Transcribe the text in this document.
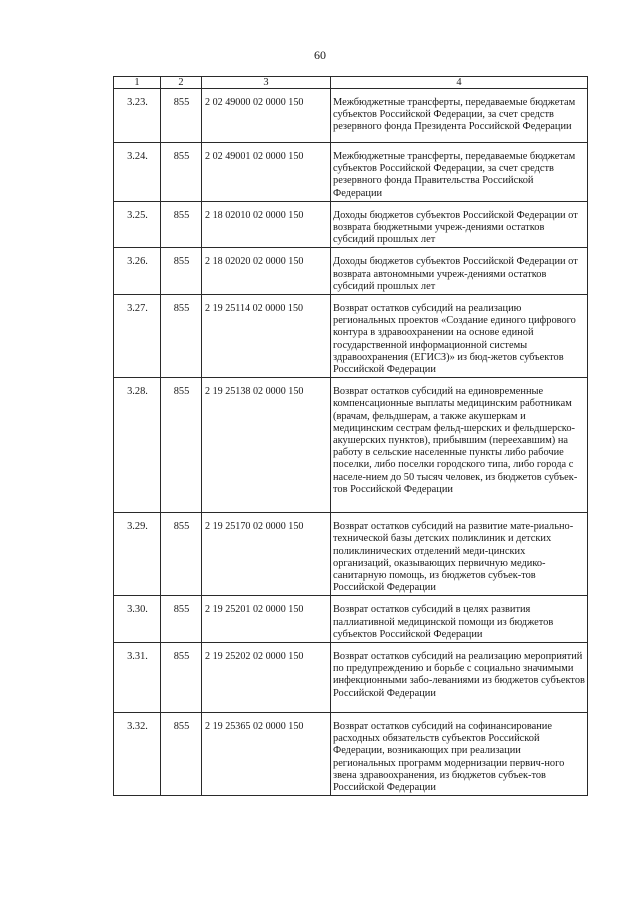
60
1	2	3	4
3.23.	855	2 02 49000 02 0000 150	Межбюджетные трансферты, передаваемые бюджетам субъектов Российской Федерации, за счет средств резервного фонда Президента Российской Федерации
3.24.	855	2 02 49001 02 0000 150	Межбюджетные трансферты, передаваемые бюджетам субъектов Российской Федерации, за счет средств резервного фонда Правительства Российской Федерации
3.25.	855	2 18 02010 02 0000 150	Доходы бюджетов субъектов Российской Федерации от возврата бюджетными учреж-дениями остатков субсидий прошлых лет
3.26.	855	2 18 02020 02 0000 150	Доходы бюджетов субъектов Российской Федерации от возврата автономными учреж-дениями остатков субсидий прошлых лет
3.27.	855	2 19 25114 02 0000 150	Возврат остатков субсидий на реализацию региональных проектов «Создание единого цифрового контура в здравоохранении на основе единой государственной информационной системы здравоохранения (ЕГИСЗ)» из бюд-жетов субъектов Российской Федерации
3.28.	855	2 19 25138 02 0000 150	Возврат остатков субсидий на единовременные компенсационные выплаты медицинским работникам (врачам, фельдшерам, а также акушеркам и медицинским сестрам фельд-шерских и фельдшерско-акушерских пунктов), прибывшим (переехавшим) на работу в сельские населенные пункты либо рабочие поселки, либо поселки городского типа, либо города с населе-нием до 50 тысяч человек, из бюджетов субъек-тов Российской Федерации
3.29.	855	2 19 25170 02 0000 150	Возврат остатков субсидий на развитие мате-риально-технической базы детских поликлиник и детских поликлинических отделений меди-цинских организаций, оказывающих первичную медико-санитарную помощь, из бюджетов субъек-тов Российской Федерации
3.30.	855	2 19 25201 02 0000 150	Возврат остатков субсидий в целях развития паллиативной медицинской помощи из бюджетов субъектов Российской Федерации
3.31.	855	2 19 25202 02 0000 150	Возврат остатков субсидий на реализацию мероприятий по предупреждению и борьбе с социально значимыми инфекционными забо-леваниями из бюджетов субъектов Российской Федерации
3.32.	855	2 19 25365 02 0000 150	Возврат остатков субсидий на софинансирование расходных обязательств субъектов Российской Федерации, возникающих при реализации региональных программ модернизации первич-ного звена здравоохранения, из бюджетов субъек-тов Российской Федерации
